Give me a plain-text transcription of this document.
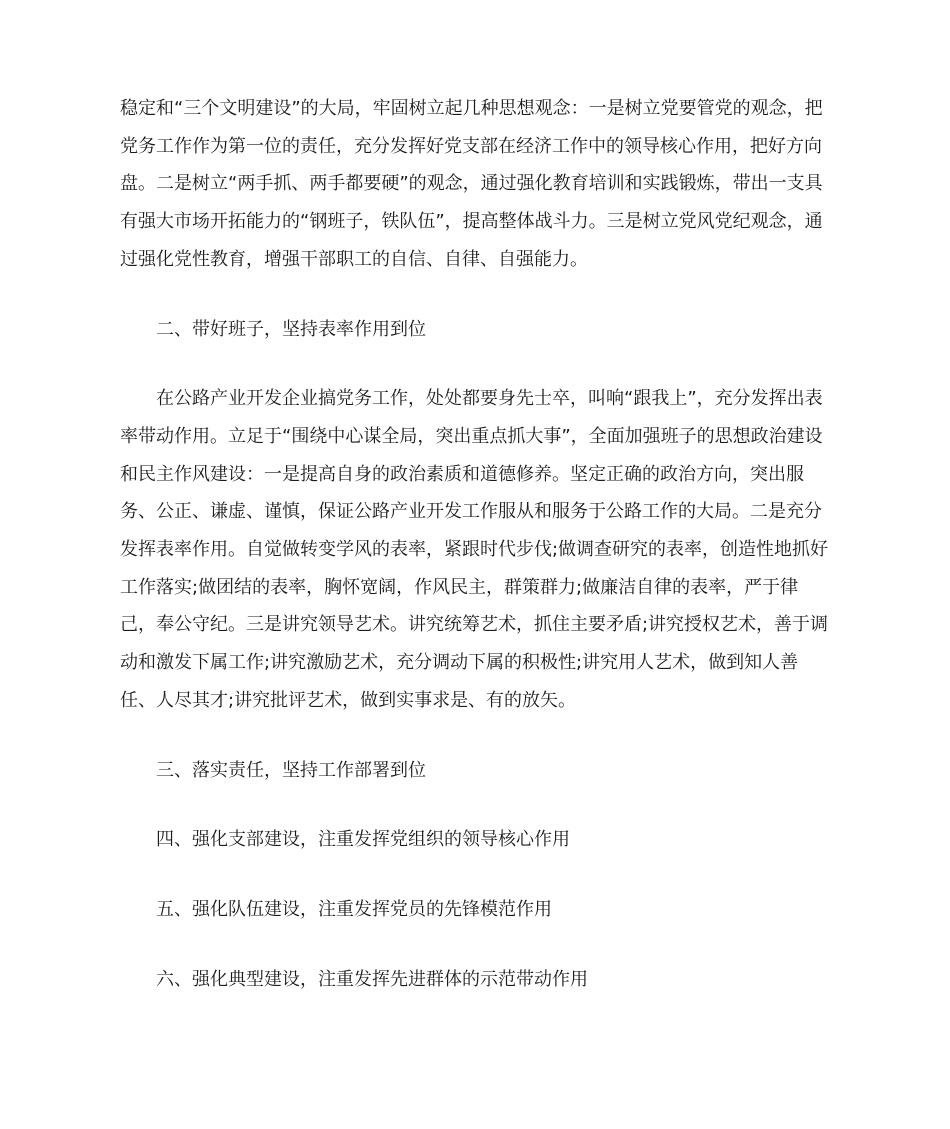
稳定和“三个文明建设”的大局，牢固树立起几种思想观念：一是树立党要管党的观念，把党务工作作为第一位的责任，充分发挥好党支部在经济工作中的领导核心作用，把好方向盘。二是树立“两手抓、两手都要硬”的观念，通过强化教育培训和实践锻炼，带出一支具有强大市场开拓能力的“钢班子，铁队伍”，提高整体战斗力。三是树立党风党纪观念，通过强化党性教育，增强干部职工的自信、自律、自强能力。

二、带好班子，坚持表率作用到位

在公路产业开发企业搞党务工作，处处都要身先士卒，叫响“跟我上”，充分发挥出表率带动作用。立足于“围绕中心谋全局，突出重点抓大事”，全面加强班子的思想政治建设和民主作风建设：一是提高自身的政治素质和道德修养。坚定正确的政治方向，突出服务、公正、谦虚、谨慎，保证公路产业开发工作服从和服务于公路工作的大局。二是充分发挥表率作用。自觉做转变学风的表率，紧跟时代步伐;做调查研究的表率，创造性地抓好工作落实;做团结的表率，胸怀宽阔，作风民主，群策群力;做廉洁自律的表率，严于律己，奉公守纪。三是讲究领导艺术。讲究统筹艺术，抓住主要矛盾;讲究授权艺术，善于调动和激发下属工作;讲究激励艺术，充分调动下属的积极性;讲究用人艺术，做到知人善任、人尽其才;讲究批评艺术，做到实事求是、有的放矢。

三、落实责任，坚持工作部署到位

四、强化支部建设，注重发挥党组织的领导核心作用

五、强化队伍建设，注重发挥党员的先锋模范作用

六、强化典型建设，注重发挥先进群体的示范带动作用
